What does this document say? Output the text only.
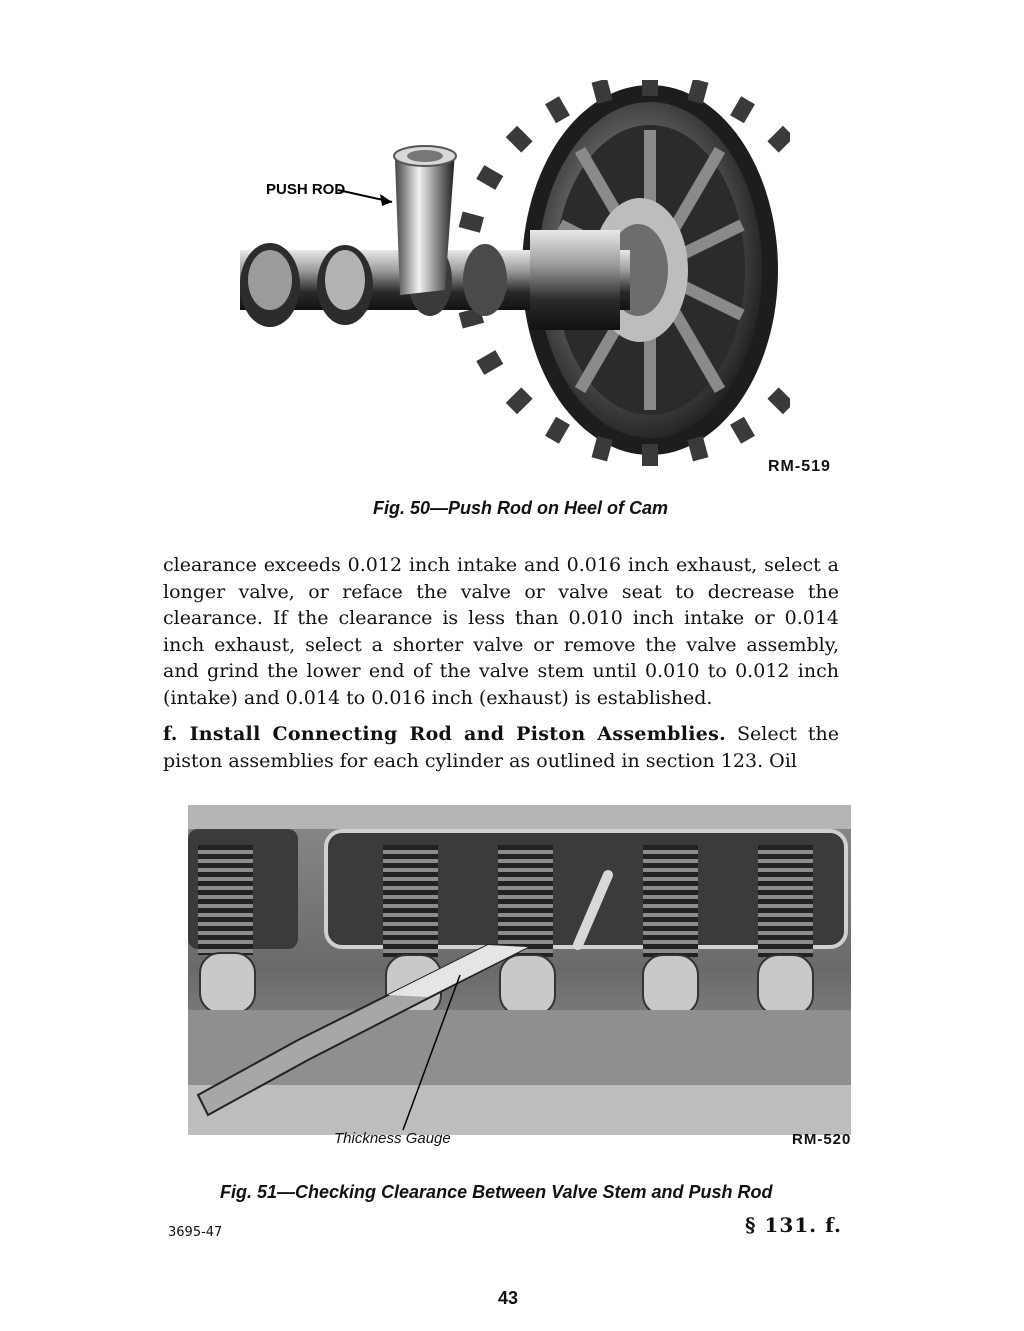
PUSH ROD
RM-519
Fig. 50—Push Rod on Heel of Cam

clearance exceeds 0.012 inch intake and 0.016 inch exhaust, select a longer valve, or reface the valve or valve seat to decrease the clearance. If the clearance is less than 0.010 inch intake or 0.014 inch exhaust, select a shorter valve or remove the valve assembly, and grind the lower end of the valve stem until 0.010 to 0.012 inch (intake) and 0.014 to 0.016 inch (exhaust) is established.

f. Install Connecting Rod and Piston Assemblies. Select the piston assemblies for each cylinder as outlined in section 123. Oil

Thickness Gauge	RM-520
Fig. 51—Checking Clearance Between Valve Stem and Push Rod
3695-47	§ 131. f.
43
